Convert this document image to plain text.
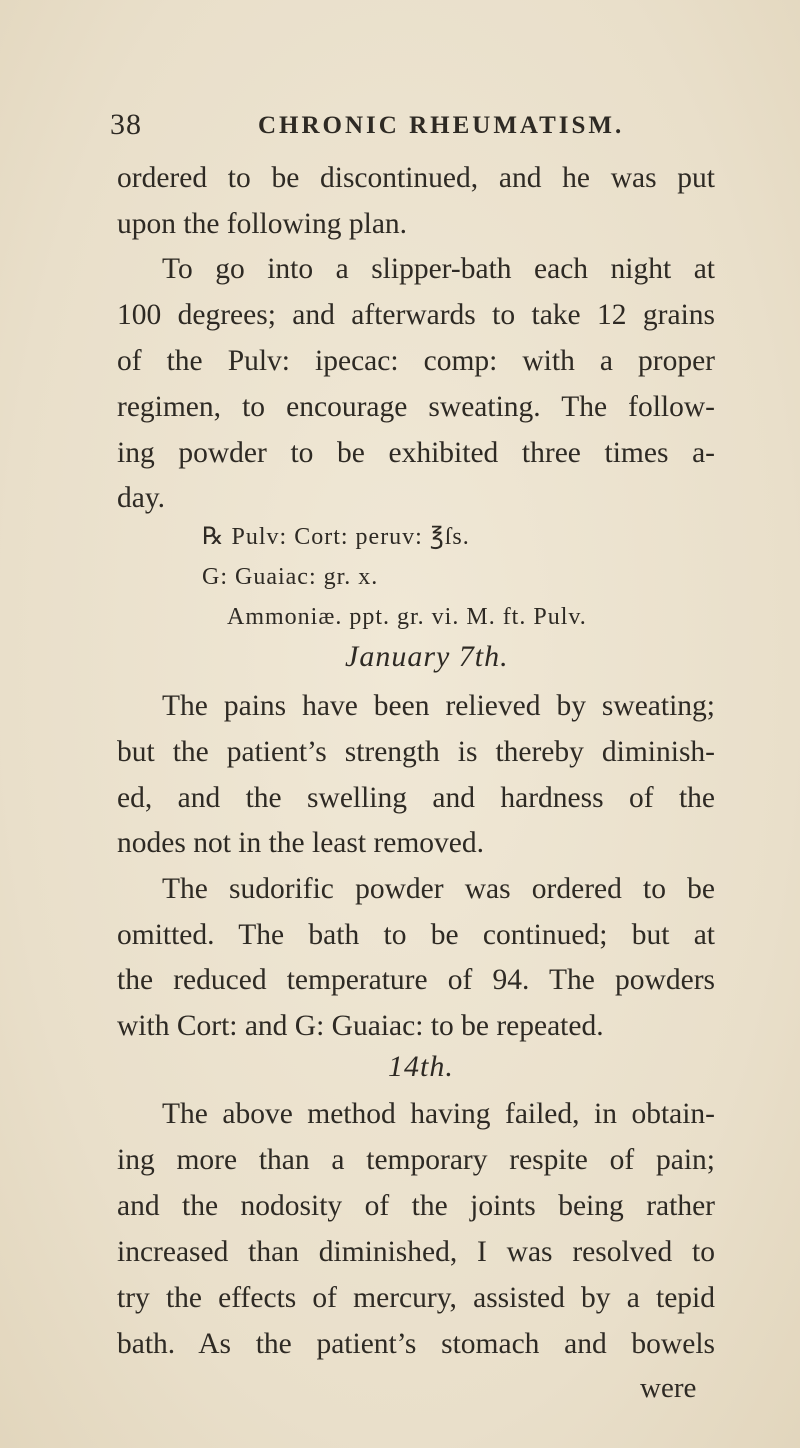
38	CHRONIC RHEUMATISM.
ordered to be discontinued, and he was put
upon the following plan.
To go into a slipper-bath each night at
100 degrees; and afterwards to take 12 grains
of the Pulv: ipecac: comp: with a proper
regimen, to encourage sweating. The follow-
ing powder to be exhibited three times a-
day.
℞ Pulv: Cort: peruv: ℥ſs.
G: Guaiac: gr. x.
Ammoniæ. ppt. gr. vi. M. ft. Pulv.
January 7th.
The pains have been relieved by sweating;
but the patient’s strength is thereby diminish-
ed, and the swelling and hardness of the
nodes not in the least removed.
The sudorific powder was ordered to be
omitted. The bath to be continued; but at
the reduced temperature of 94. The powders
with Cort: and G: Guaiac: to be repeated.
14th.
The above method having failed, in obtain-
ing more than a temporary respite of pain;
and the nodosity of the joints being rather
increased than diminished, I was resolved to
try the effects of mercury, assisted by a tepid
bath. As the patient’s stomach and bowels
were
